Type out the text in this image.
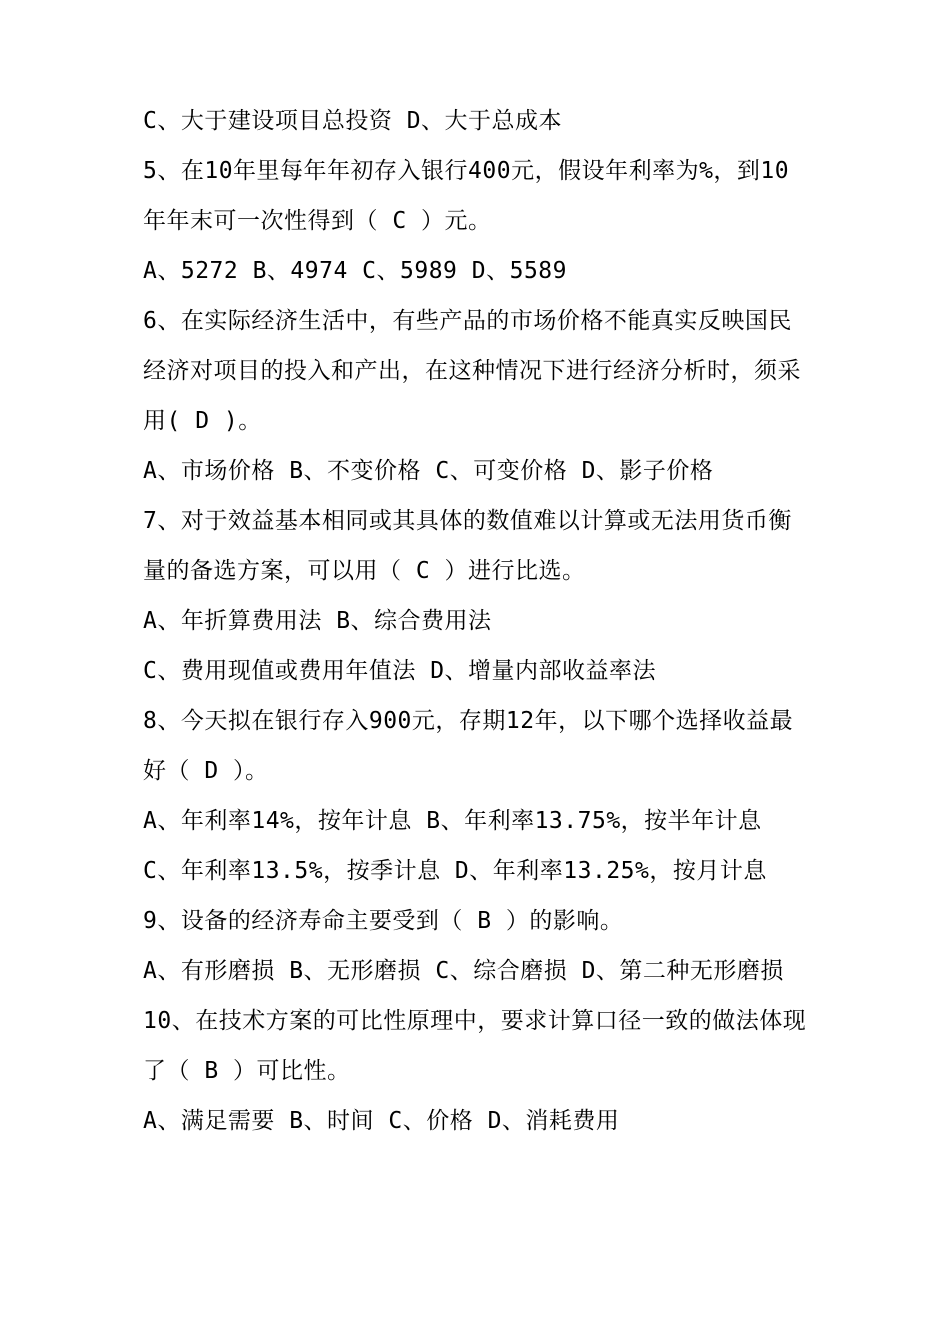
C、大于建设项目总投资 D、大于总成本

5、在10年里每年年初存入银行400元，假设年利率为%，到10

年年末可一次性得到（ C ）元。

A、5272 B、4974 C、5989 D、5589

6、在实际经济生活中，有些产品的市场价格不能真实反映国民

经济对项目的投入和产出，在这种情况下进行经济分析时，须采

用( D )。

A、市场价格 B、不变价格 C、可变价格 D、影子价格

7、对于效益基本相同或其具体的数值难以计算或无法用货币衡

量的备选方案，可以用（ C ）进行比选。

A、年折算费用法 B、综合费用法

C、费用现值或费用年值法 D、增量内部收益率法

8、今天拟在银行存入900元，存期12年，以下哪个选择收益最

好（ D ）。

A、年利率14%，按年计息 B、年利率13.75%，按半年计息

C、年利率13.5%，按季计息 D、年利率13.25%，按月计息

9、设备的经济寿命主要受到（ B ）的影响。

A、有形磨损 B、无形磨损 C、综合磨损 D、第二种无形磨损

10、在技术方案的可比性原理中，要求计算口径一致的做法体现

了（ B ）可比性。

A、满足需要 B、时间 C、价格 D、消耗费用
